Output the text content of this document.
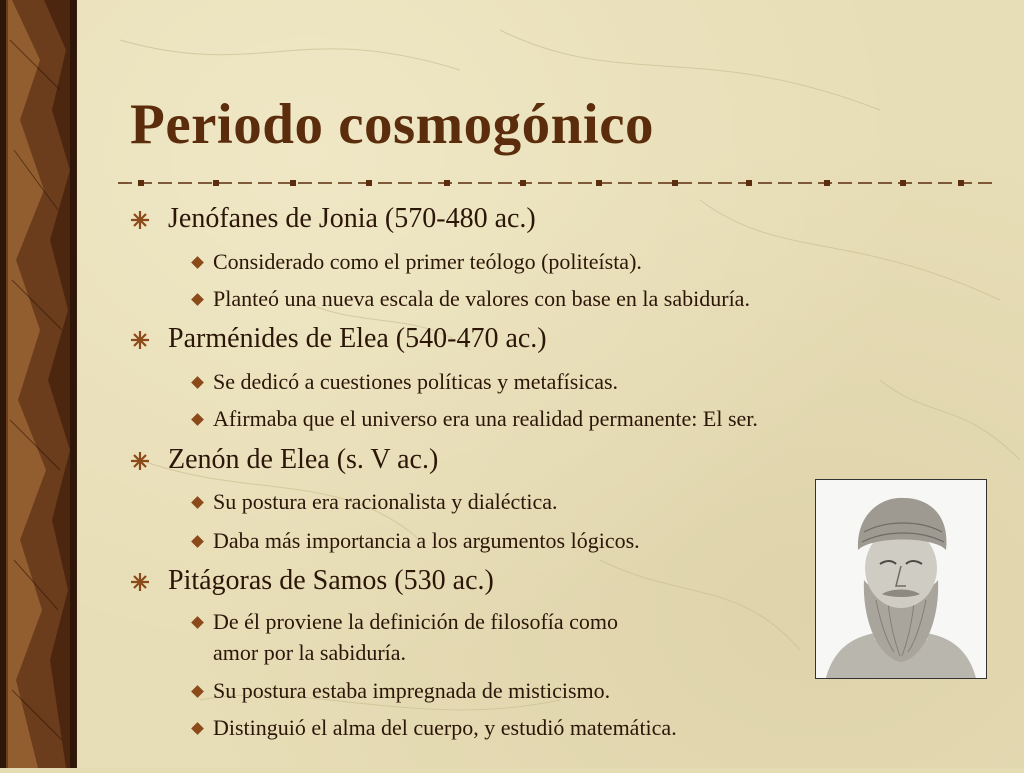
Periodo cosmogónico
Jenófanes de Jonia (570-480 ac.)
Considerado como el primer teólogo (politeísta).
Planteó una nueva escala de valores con base en la sabiduría.
Parménides de Elea (540-470 ac.)
Se dedicó a cuestiones políticas y metafísicas.
Afirmaba que el universo era una realidad permanente: El ser.
Zenón de Elea (s. V ac.)
Su postura era racionalista y dialéctica.
Daba más importancia a los argumentos lógicos.
Pitágoras de Samos (530 ac.)
De él proviene la definición de filosofía como
amor por la sabiduría.
Su postura estaba impregnada de misticismo.
Distinguió el alma del cuerpo, y estudió matemática.
